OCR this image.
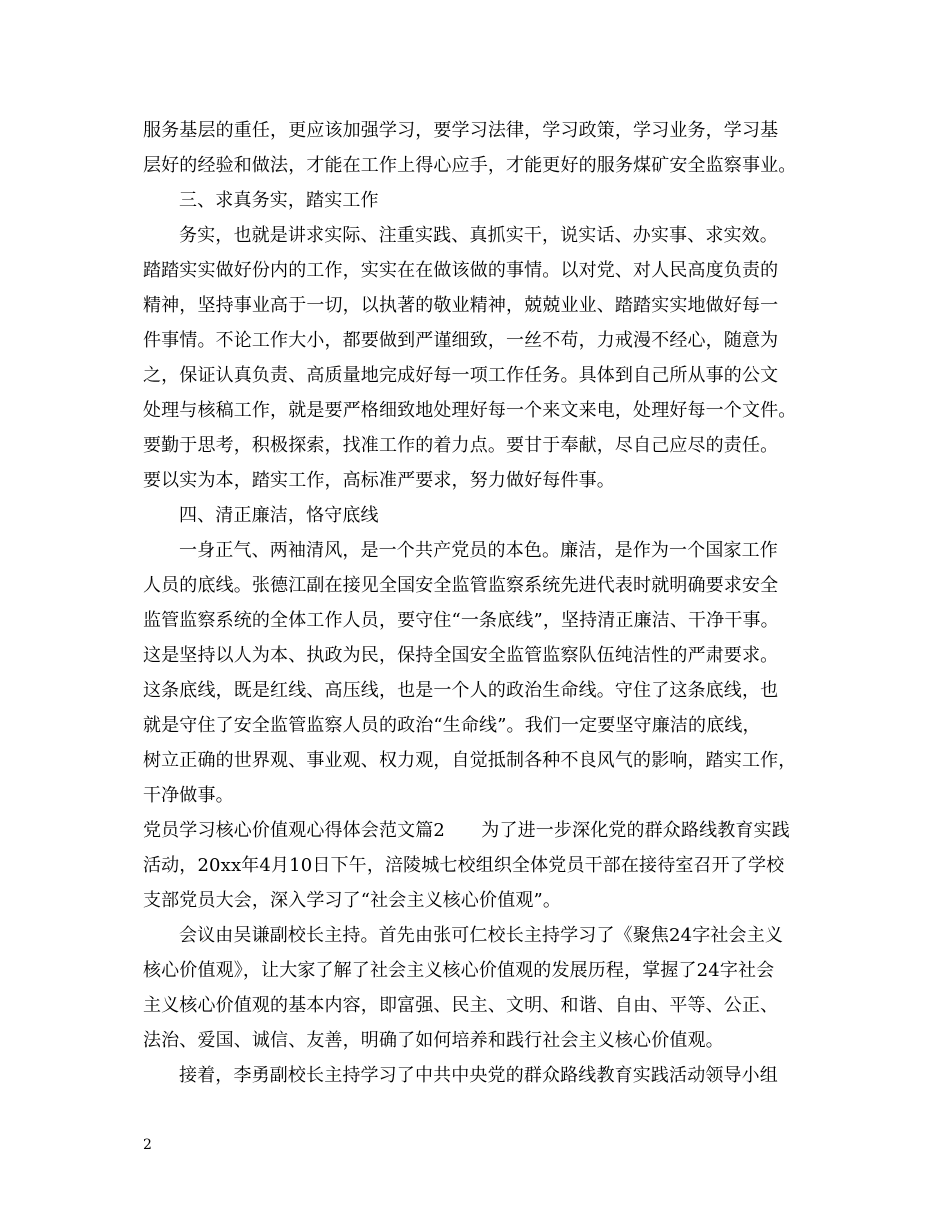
服务基层的重任，更应该加强学习，要学习法律，学习政策，学习业务，学习基
层好的经验和做法，才能在工作上得心应手，才能更好的服务煤矿安全监察事业。
三、求真务实，踏实工作
务实，也就是讲求实际、注重实践、真抓实干，说实话、办实事、求实效。
踏踏实实做好份内的工作，实实在在做该做的事情。以对党、对人民高度负责的
精神，坚持事业高于一切，以执著的敬业精神，兢兢业业、踏踏实实地做好每一
件事情。不论工作大小，都要做到严谨细致，一丝不苟，力戒漫不经心，随意为
之，保证认真负责、高质量地完成好每一项工作任务。具体到自己所从事的公文
处理与核稿工作，就是要严格细致地处理好每一个来文来电，处理好每一个文件。
要勤于思考，积极探索，找准工作的着力点。要甘于奉献，尽自己应尽的责任。
要以实为本，踏实工作，高标准严要求，努力做好每件事。
四、清正廉洁，恪守底线
一身正气、两袖清风，是一个共产党员的本色。廉洁，是作为一个国家工作
人员的底线。张德江副在接见全国安全监管监察系统先进代表时就明确要求安全
监管监察系统的全体工作人员，要守住“一条底线”，坚持清正廉洁、干净干事。
这是坚持以人为本、执政为民，保持全国安全监管监察队伍纯洁性的严肃要求。
这条底线，既是红线、高压线，也是一个人的政治生命线。守住了这条底线，也
就是守住了安全监管监察人员的政治“生命线”。我们一定要坚守廉洁的底线，
树立正确的世界观、事业观、权力观，自觉抵制各种不良风气的影响，踏实工作，
干净做事。
党员学习核心价值观心得体会范文篇2　　为了进一步深化党的群众路线教育实践
活动，20xx年4月10日下午，涪陵城七校组织全体党员干部在接待室召开了学校
支部党员大会，深入学习了“社会主义核心价值观”。
会议由吴谦副校长主持。首先由张可仁校长主持学习了《聚焦24字社会主义
核心价值观》，让大家了解了社会主义核心价值观的发展历程，掌握了24字社会
主义核心价值观的基本内容，即富强、民主、文明、和谐、自由、平等、公正、
法治、爱国、诚信、友善，明确了如何培养和践行社会主义核心价值观。
接着，李勇副校长主持学习了中共中央党的群众路线教育实践活动领导小组
2
